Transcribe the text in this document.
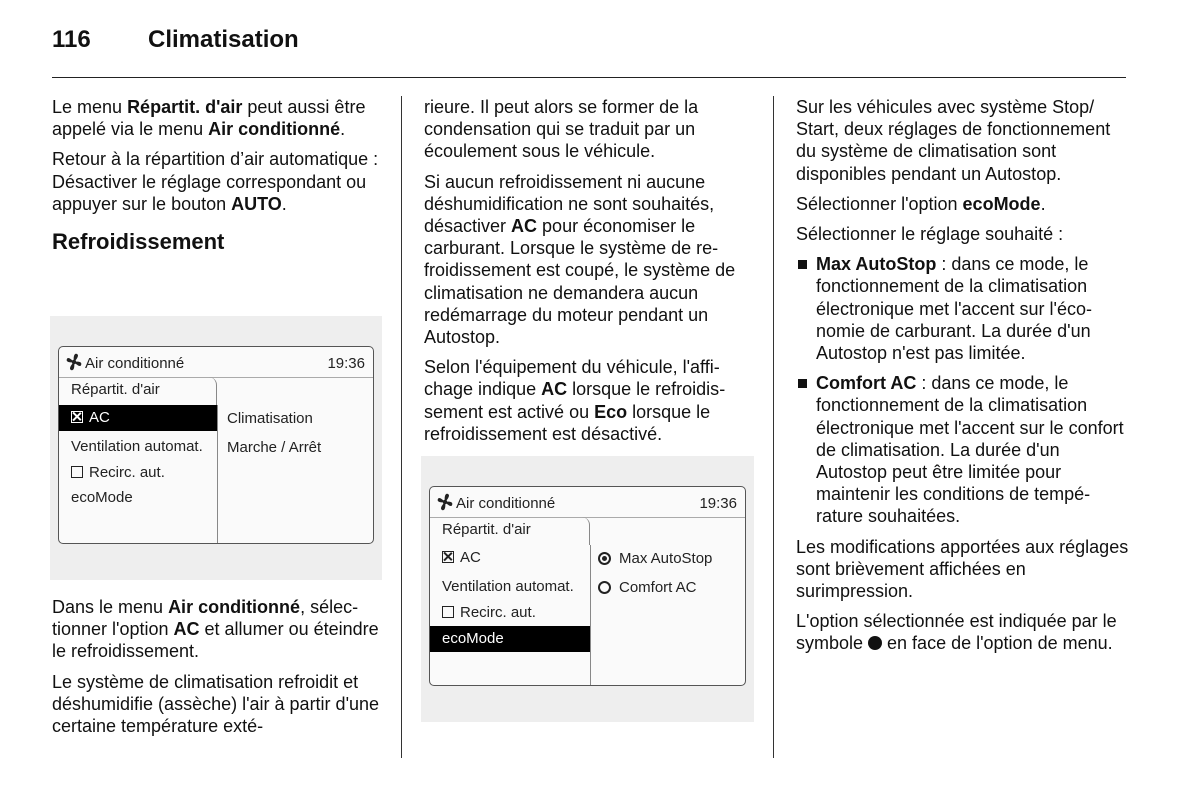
116 Climatisation

Le menu Répartit. d'air peut aussi être appelé via le menu Air conditionné.

Retour à la répartition d’air automatique : Désactiver le réglage correspondant ou appuyer sur le bouton AUTO.

Refroidissement

Dans le menu Air conditionné, sélectionner l'option AC et allumer ou éteindre le refroidissement.

Le système de climatisation refroidit et déshumidifie (assèche) l'air à partir d'une certaine température exté-

Air conditionné	19:36
Répartit. d'air
AC
Ventilation automat.
Recirc. aut.
ecoMode
Climatisation
Marche / Arrêt

rieure. Il peut alors se former de la condensation qui se traduit par un écoulement sous le véhicule.

Si aucun refroidissement ni aucune déshumidification ne sont souhaités, désactiver AC pour économiser le carburant. Lorsque le système de refroidissement est coupé, le système de climatisation ne demandera aucun redémarrage du moteur pendant un Autostop.

Selon l'équipement du véhicule, l'affichage indique AC lorsque le refroidissement est activé ou Eco lorsque le refroidissement est désactivé.

Air conditionné	19:36
Répartit. d'air
AC
Ventilation automat.
Recirc. aut.
ecoMode
Max AutoStop
Comfort AC

Sur les véhicules avec système Stop/ Start, deux réglages de fonctionnement du système de climatisation sont disponibles pendant un Autostop.

Sélectionner l'option ecoMode.

Sélectionner le réglage souhaité :

Max AutoStop : dans ce mode, le fonctionnement de la climatisation électronique met l'accent sur l'économie de carburant. La durée d'un Autostop n'est pas limitée.
Comfort AC : dans ce mode, le fonctionnement de la climatisation électronique met l'accent sur le confort de climatisation. La durée d'un Autostop peut être limitée pour maintenir les conditions de température souhaitées.

Les modifications apportées aux réglages sont brièvement affichées en surimpression.

L'option sélectionnée est indiquée par le symbole  en face de l'option de menu.
